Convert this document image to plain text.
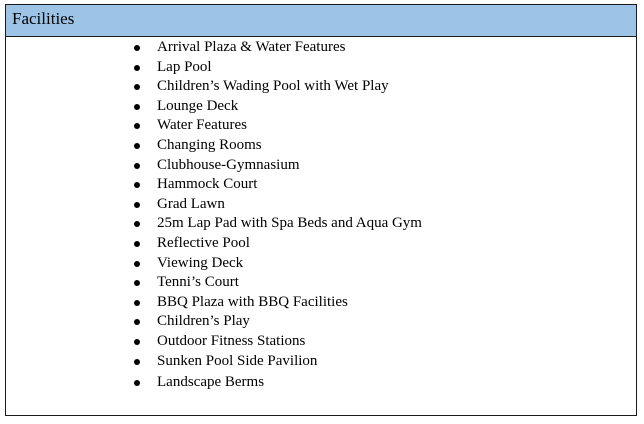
Facilities
Arrival Plaza & Water Features
Lap Pool
Children’s Wading Pool with Wet Play
Lounge Deck
Water Features
Changing Rooms
Clubhouse-Gymnasium
Hammock Court
Grad Lawn
25m Lap Pad with Spa Beds and Aqua Gym
Reflective Pool
Viewing Deck
Tenni’s Court
BBQ Plaza with BBQ Facilities
Children’s Play
Outdoor Fitness Stations
Sunken Pool Side Pavilion
Landscape Berms
